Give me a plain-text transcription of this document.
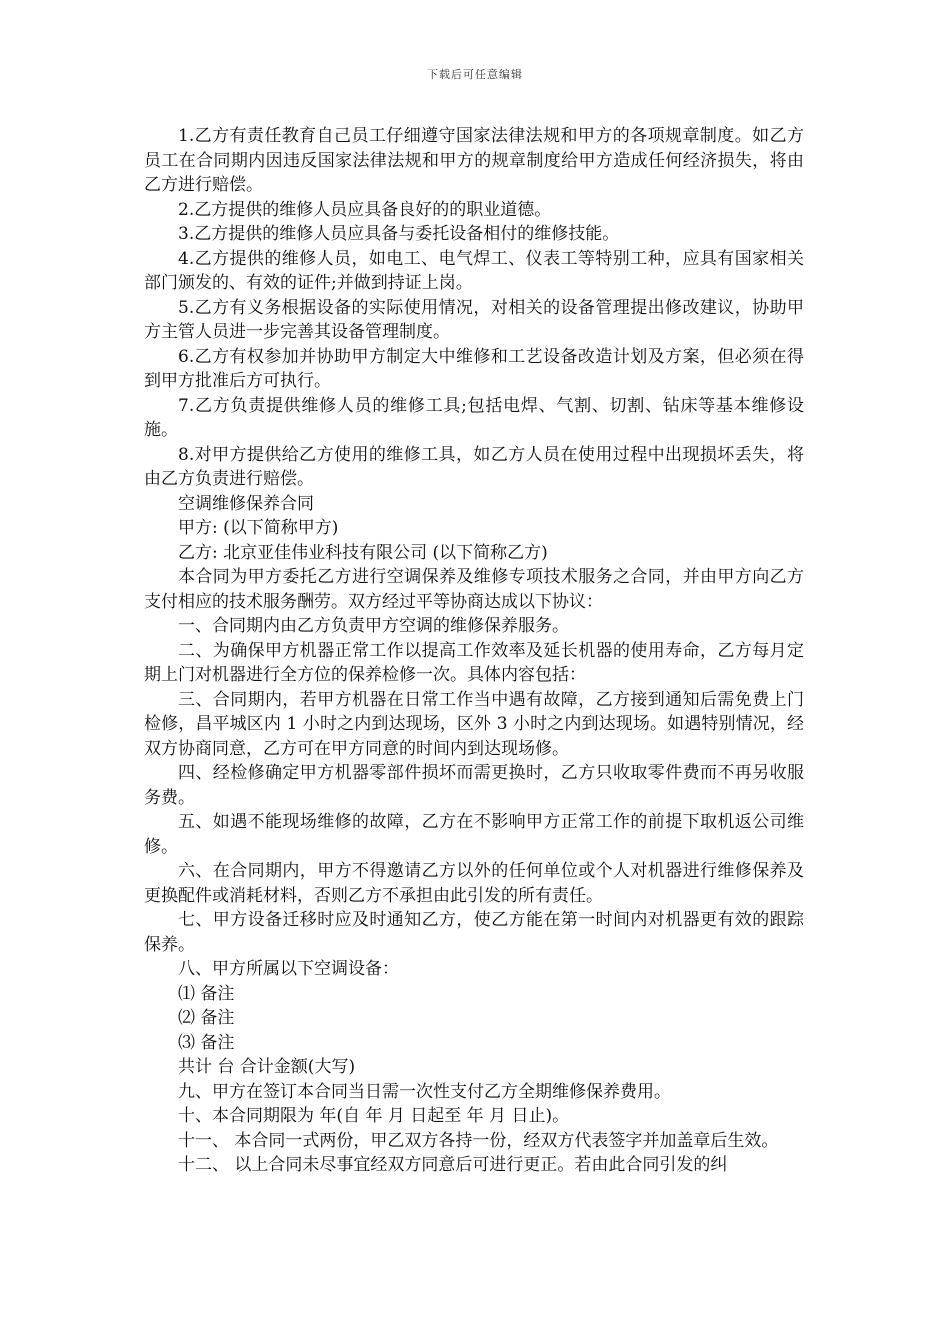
下载后可任意编辑

1.乙方有责任教育自己员工仔细遵守国家法律法规和甲方的各项规章制度。如乙方员工在合同期内因违反国家法律法规和甲方的规章制度给甲方造成任何经济损失，将由乙方进行赔偿。

2.乙方提供的维修人员应具备良好的的职业道德。

3.乙方提供的维修人员应具备与委托设备相付的维修技能。

4.乙方提供的维修人员，如电工、电气焊工、仪表工等特别工种，应具有国家相关部门颁发的、有效的证件;并做到持证上岗。

5.乙方有义务根据设备的实际使用情况，对相关的设备管理提出修改建议，协助甲方主管人员进一步完善其设备管理制度。

6.乙方有权参加并协助甲方制定大中维修和工艺设备改造计划及方案，但必须在得到甲方批准后方可执行。

7.乙方负责提供维修人员的维修工具;包括电焊、气割、切割、钻床等基本维修设施。

8.对甲方提供给乙方使用的维修工具，如乙方人员在使用过程中出现损坏丢失，将由乙方负责进行赔偿。

空调维修保养合同

甲方: (以下简称甲方)

乙方: 北京亚佳伟业科技有限公司 (以下简称乙方)

本合同为甲方委托乙方进行空调保养及维修专项技术服务之合同，并由甲方向乙方支付相应的技术服务酬劳。双方经过平等协商达成以下协议：

一、合同期内由乙方负责甲方空调的维修保养服务。

二、为确保甲方机器正常工作以提高工作效率及延长机器的使用寿命，乙方每月定期上门对机器进行全方位的保养检修一次。具体内容包括：

三、合同期内，若甲方机器在日常工作当中遇有故障，乙方接到通知后需免费上门检修，昌平城区内 1 小时之内到达现场，区外 3 小时之内到达现场。如遇特别情况，经双方协商同意，乙方可在甲方同意的时间内到达现场修。

四、经检修确定甲方机器零部件损坏而需更换时，乙方只收取零件费而不再另收服务费。

五、如遇不能现场维修的故障，乙方在不影响甲方正常工作的前提下取机返公司维修。

六、在合同期内，甲方不得邀请乙方以外的任何单位或个人对机器进行维修保养及更换配件或消耗材料，否则乙方不承担由此引发的所有责任。

七、甲方设备迁移时应及时通知乙方，使乙方能在第一时间内对机器更有效的跟踪保养。

八、甲方所属以下空调设备：

⑴ 备注

⑵ 备注

⑶ 备注

共计 台 合计金额(大写)

九、甲方在签订本合同当日需一次性支付乙方全期维修保养费用。

十、本合同期限为 年(自 年 月 日起至 年 月 日止)。

十一、 本合同一式两份，甲乙双方各持一份，经双方代表签字并加盖章后生效。

十二、 以上合同未尽事宜经双方同意后可进行更正。若由此合同引发的纠
